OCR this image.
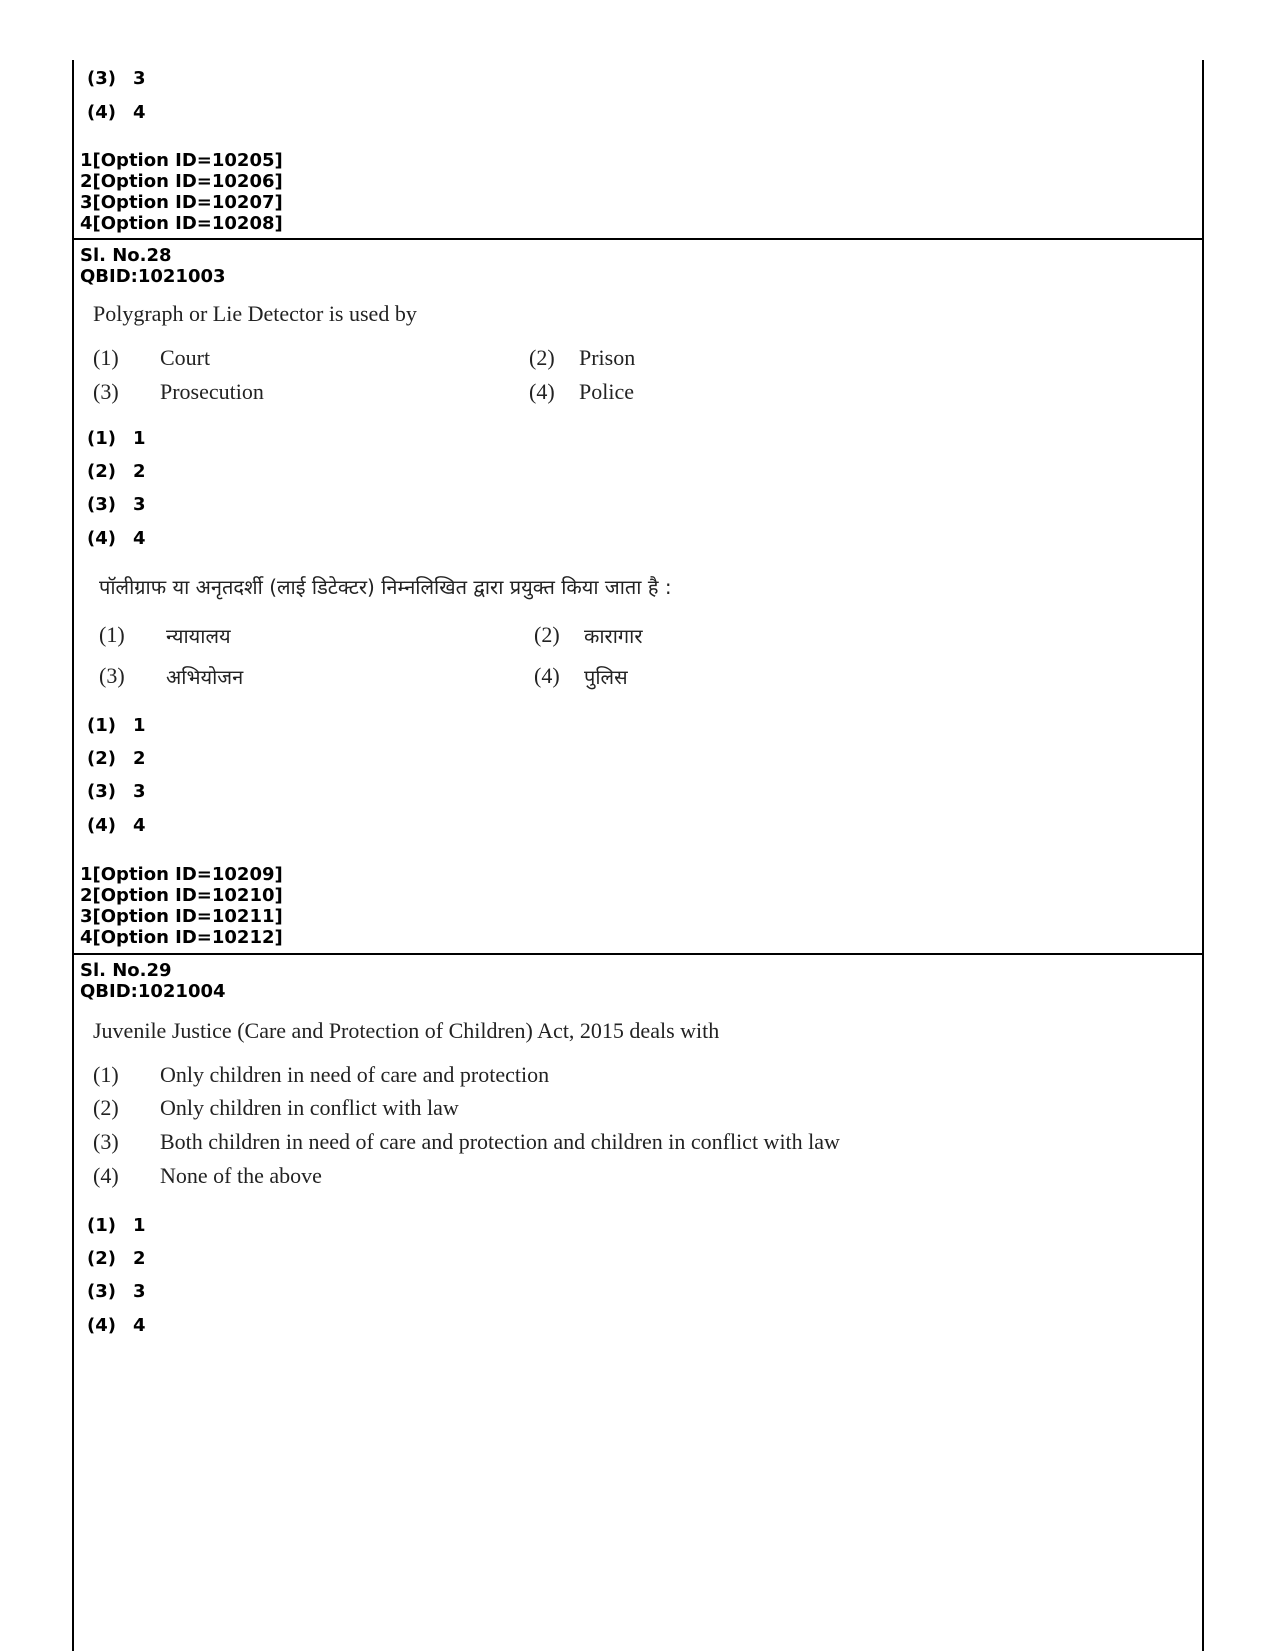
(3) 3
(4) 4
1[Option ID=10205]
2[Option ID=10206]
3[Option ID=10207]
4[Option ID=10208]
Sl. No.28
QBID:1021003
Polygraph or Lie Detector is used by
(1) Court	(2) Prison
(3) Prosecution	(4) Police
(1) 1
(2) 2
(3) 3
(4) 4
पॉलीग्राफ या अनृतदर्शी (लाई डिटेक्टर) निम्नलिखित द्वारा प्रयुक्त किया जाता है :
(1) न्यायालय	(2) कारागार
(3) अभियोजन	(4) पुलिस
(1) 1
(2) 2
(3) 3
(4) 4
1[Option ID=10209]
2[Option ID=10210]
3[Option ID=10211]
4[Option ID=10212]
Sl. No.29
QBID:1021004
Juvenile Justice (Care and Protection of Children) Act, 2015 deals with
(1) Only children in need of care and protection
(2) Only children in conflict with law
(3) Both children in need of care and protection and children in conflict with law
(4) None of the above
(1) 1
(2) 2
(3) 3
(4) 4
